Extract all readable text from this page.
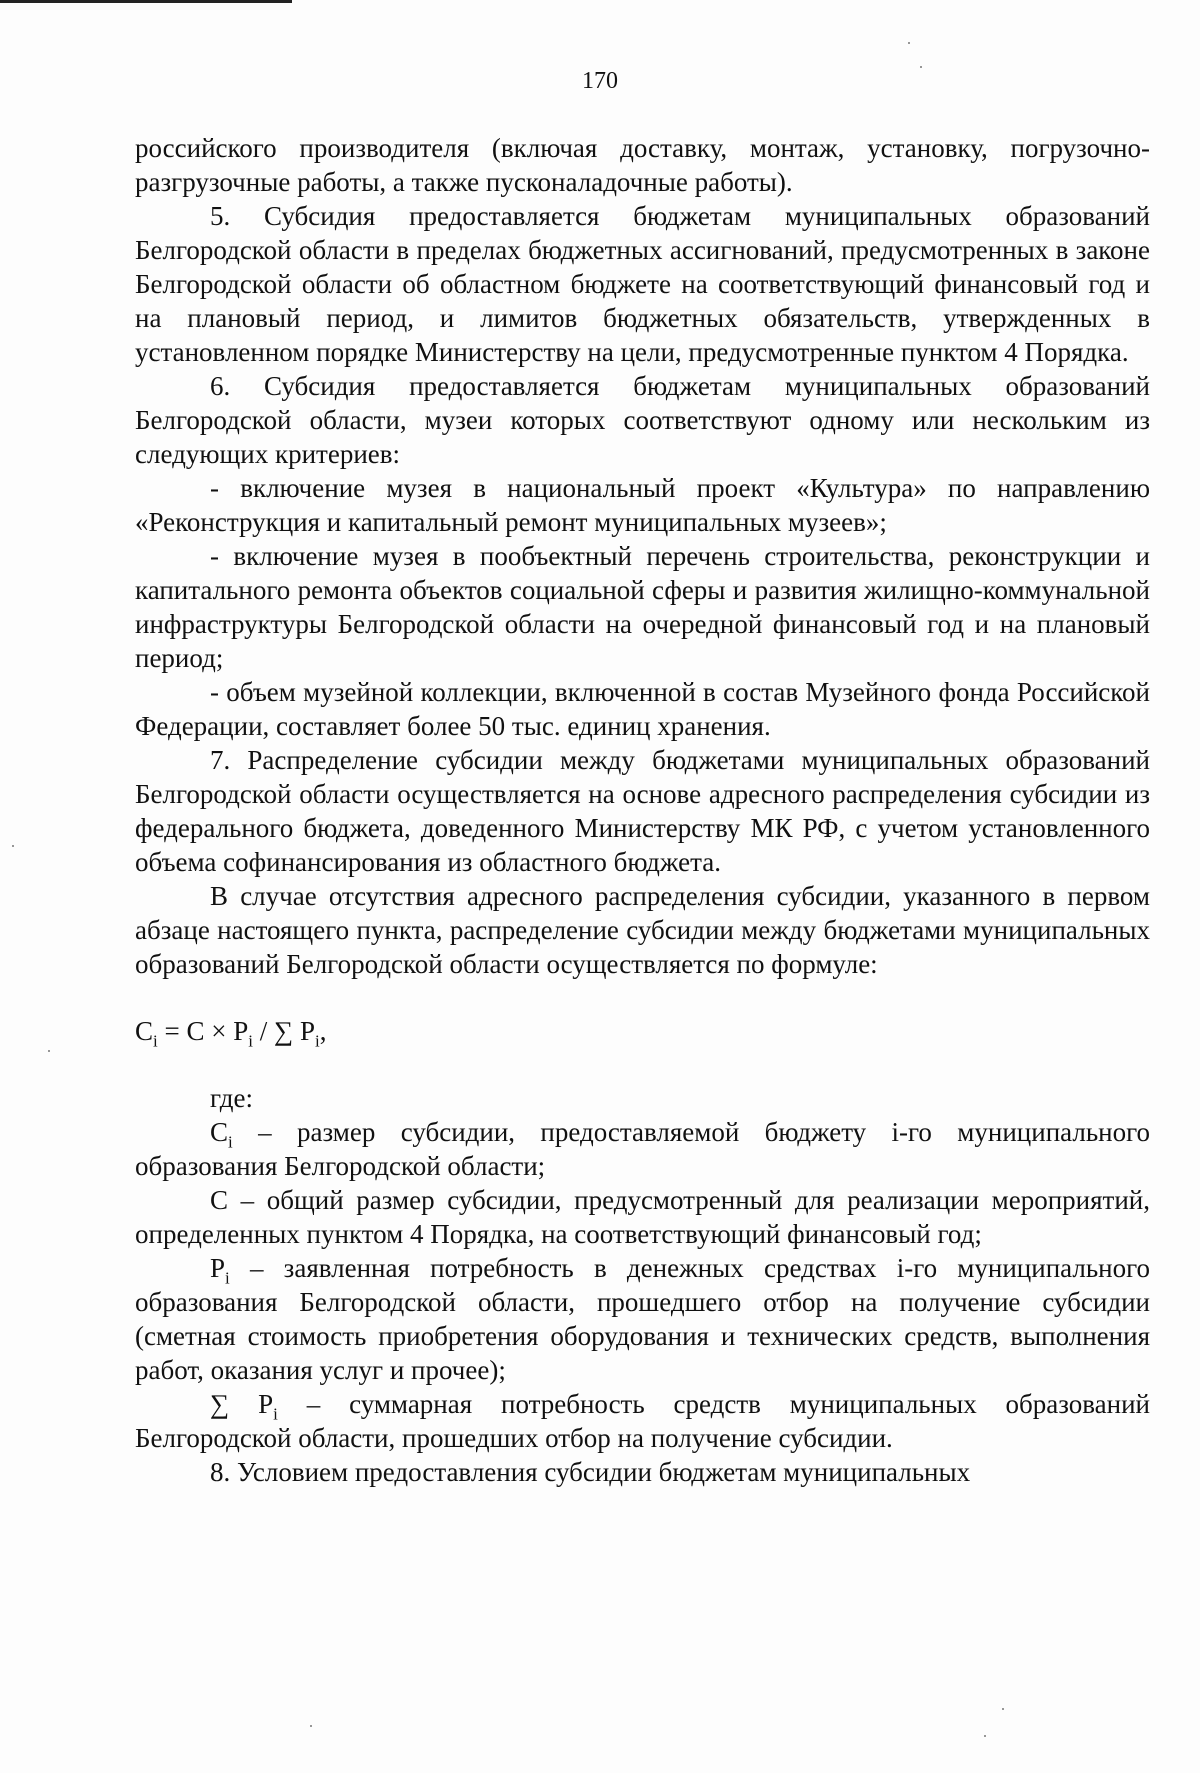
170

российского производителя (включая доставку, монтаж, установку, погрузочно-разгрузочные работы, а также пусконаладочные работы).

5. Субсидия предоставляется бюджетам муниципальных образований Белгородской области в пределах бюджетных ассигнований, предусмотренных в законе Белгородской области об областном бюджете на соответствующий финансовый год и на плановый период, и лимитов бюджетных обязательств, утвержденных в установленном порядке Министерству на цели, предусмотренные пунктом 4 Порядка.

6. Субсидия предоставляется бюджетам муниципальных образований Белгородской области, музеи которых соответствуют одному или нескольким из следующих критериев:

- включение музея в национальный проект «Культура» по направлению «Реконструкция и капитальный ремонт муниципальных музеев»;

- включение музея в пообъектный перечень строительства, реконструкции и капитального ремонта объектов социальной сферы и развития жилищно-коммунальной инфраструктуры Белгородской области на очередной финансовый год и на плановый период;

- объем музейной коллекции, включенной в состав Музейного фонда Российской Федерации, составляет более 50 тыс. единиц хранения.

7. Распределение субсидии между бюджетами муниципальных образований Белгородской области осуществляется на основе адресного распределения субсидии из федерального бюджета, доведенного Министерству МК РФ, с учетом установленного объема софинансирования из областного бюджета.

В случае отсутствия адресного распределения субсидии, указанного в первом абзаце настоящего пункта, распределение субсидии между бюджетами муниципальных образований Белгородской области осуществляется по формуле:

$C_i = C \times P_i$ / ∑ $P_i$,

где:

$C_i$ – размер субсидии, предоставляемой бюджету i-го муниципального образования Белгородской области;

C – общий размер субсидии, предусмотренный для реализации мероприятий, определенных пунктом 4 Порядка, на соответствующий финансовый год;

$P_i$ – заявленная потребность в денежных средствах i-го муниципального образования Белгородской области, прошедшего отбор на получение субсидии (сметная стоимость приобретения оборудования и технических средств, выполнения работ, оказания услуг и прочее);

∑ $P_i$ – суммарная потребность средств муниципальных образований Белгородской области, прошедших отбор на получение субсидии.

8. Условием предоставления субсидии бюджетам муниципальных
